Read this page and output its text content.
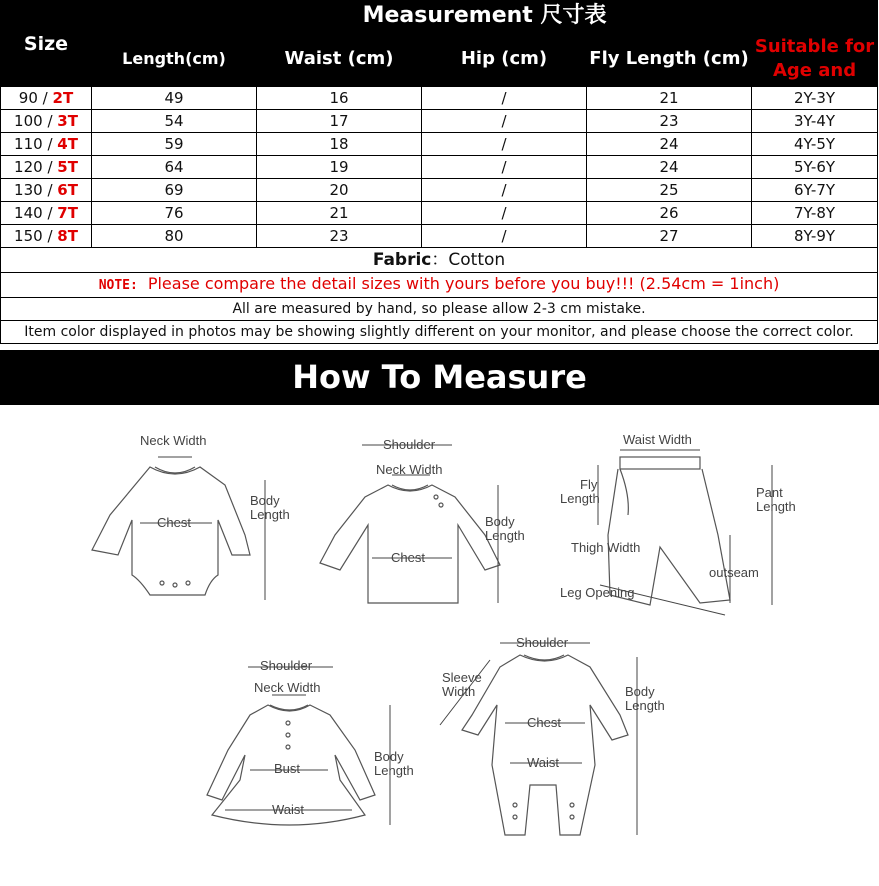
Size	Measurement 尺寸表				
	Length(cm)	Waist (cm)	Hip (cm)	Fly Length (cm)	Suitable for
Age and

90 / 2T	49	16	/	21	2Y-3Y
100 / 3T	54	17	/	23	3Y-4Y
110 / 4T	59	18	/	24	4Y-5Y
120 / 5T	64	19	/	24	5Y-6Y
130 / 6T	69	20	/	25	6Y-7Y
140 / 7T	76	21	/	26	7Y-8Y
150 / 8T	80	23	/	27	8Y-9Y
Fabric：Cotton					
NOTE: Please compare the detail sizes with yours before you buy!!! (2.54cm = 1inch)					
All are measured by hand, so please allow 2-3 cm mistake.					
Item color displayed in photos may be showing slightly different on your monitor, and please choose the correct color.					
How To Measure
Neck Width
Body
Length
Chest
Shoulder
Neck Width
Body
Length
Chest
Waist Width
Fly
Length	Pant
Length
Thigh Width
outseam
Leg Opening
Shoulder
Neck Width
Body
Length
Bust
Waist
Shoulder
Sleeve
Width	Body
Length
Chest
Waist
